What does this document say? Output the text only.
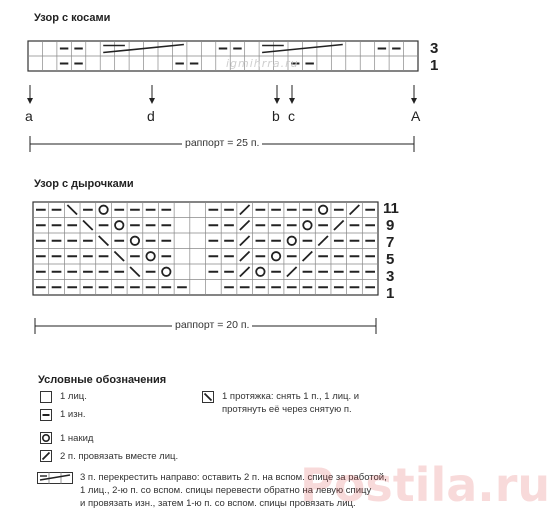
Узор с косами
Узор с дырочками
igmihrra.ru
3
1
a	d	b c	A
раппорт = 25 п.
11
9
7
5
3
1
раппорт = 20 п.
Условные обозначения
1 лиц.
1 изн.
1 накид
2 п. провязать вместе лиц.
1 протяжка: снять 1 п., 1 лиц. и
протянуть её через снятую п.
3 п. перекрестить направо: оставить 2 п. на вспом. спице за работой,
1 лиц., 2-ю п. со вспом. спицы перевести обратно на левую спицу
и провязать изн., затем 1-ю п. со вспом. спицы провязать лиц.
Postila.ru
